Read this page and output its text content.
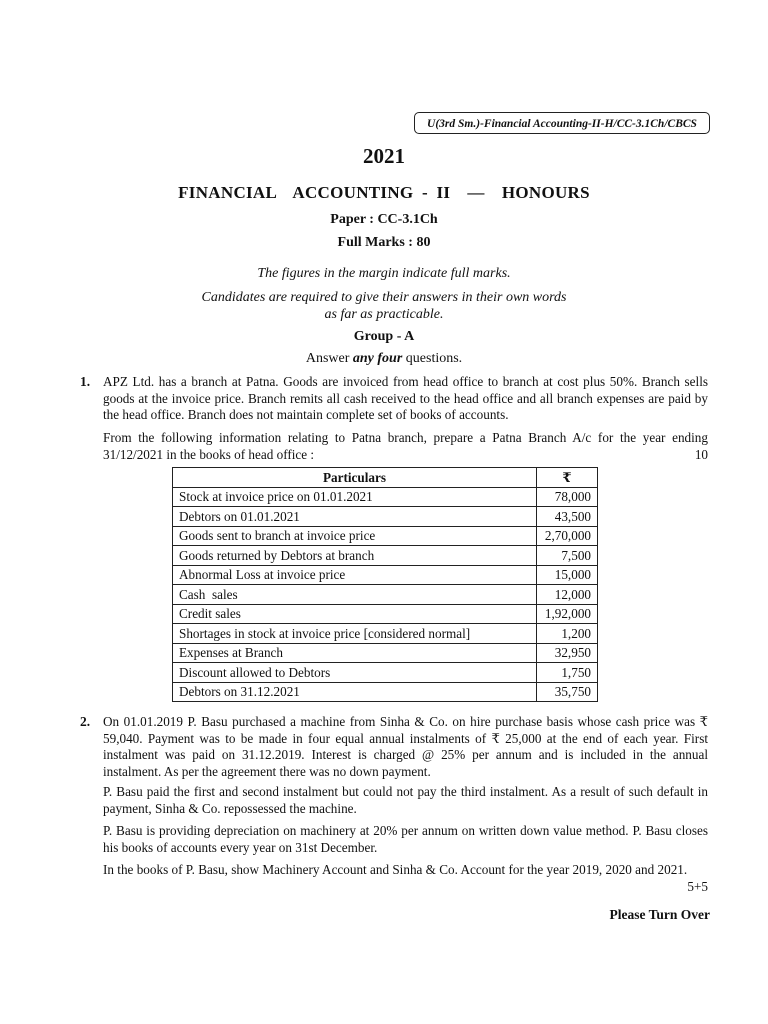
U(3rd Sm.)-Financial Accounting-II-H/CC-3.1Ch/CBCS
2021
FINANCIAL  ACCOUNTING - II  —  HONOURS
Paper : CC-3.1Ch
Full Marks : 80
The figures in the margin indicate full marks.
Candidates are required to give their answers in their own words
as far as practicable.
Group - A
Answer any four questions.
1. APZ Ltd. has a branch at Patna. Goods are invoiced from head office to branch at cost plus 50%. Branch sells goods at the invoice price. Branch remits all cash received to the head office and all branch expenses are paid by the head office. Branch does not maintain complete set of books of accounts.
From the following information relating to Patna branch, prepare a Patna Branch A/c for the year ending 31/12/2021 in the books of head office :	10
Particulars	₹
Stock at invoice price on 01.01.2021	78,000
Debtors on 01.01.2021	43,500
Goods sent to branch at invoice price	2,70,000
Goods returned by Debtors at branch	7,500
Abnormal Loss at invoice price	15,000
Cash  sales	12,000
Credit sales	1,92,000
Shortages in stock at invoice price [considered normal]	1,200
Expenses at Branch	32,950
Discount allowed to Debtors	1,750
Debtors on 31.12.2021	35,750
2. On 01.01.2019 P. Basu purchased a machine from Sinha & Co. on hire purchase basis whose cash price was ₹ 59,040. Payment was to be made in four equal annual instalments of ₹ 25,000 at the end of each year. First instalment was paid on 31.12.2019. Interest is charged @ 25% per annum and is included in the annual instalment. As per the agreement there was no down payment.
P. Basu paid the first and second instalment but could not pay the third instalment. As a result of such default in payment, Sinha & Co. repossessed the machine.
P. Basu is providing depreciation on machinery at 20% per annum on written down value method. P. Basu closes his books of accounts every year on 31st December.
In the books of P. Basu, show Machinery Account and Sinha & Co. Account for the year 2019, 2020 and 2021.
5+5
Please Turn Over
